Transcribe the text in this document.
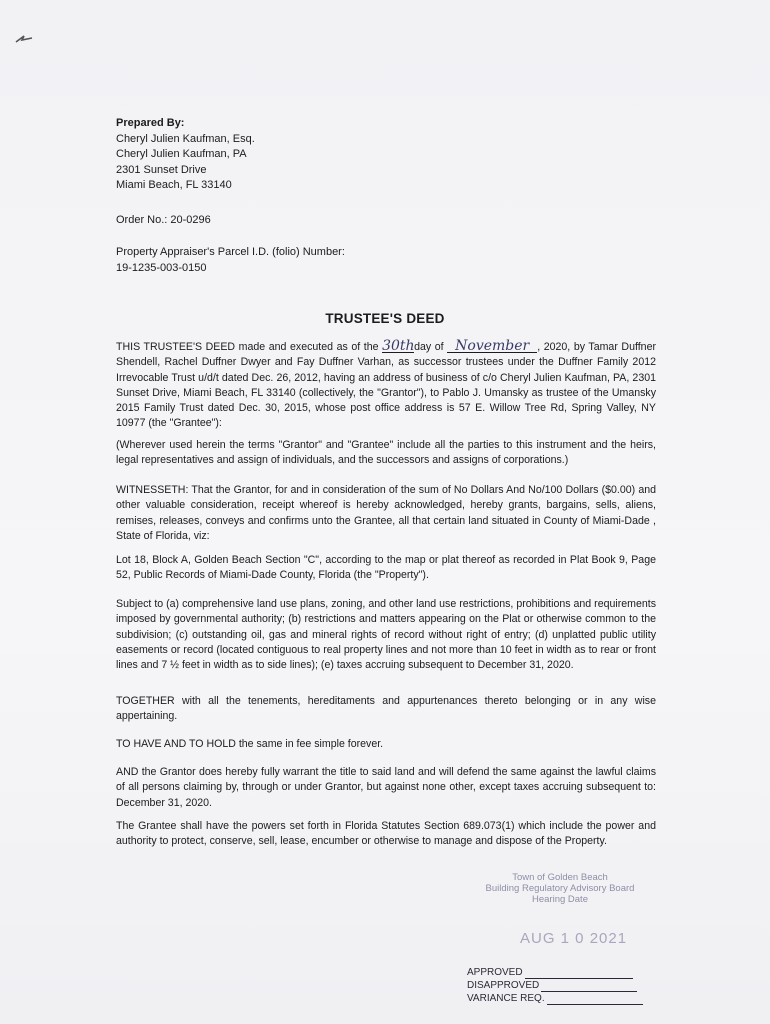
Prepared By:
Cheryl Julien Kaufman, Esq.
Cheryl Julien Kaufman, PA
2301 Sunset Drive
Miami Beach, FL 33140
Order No.: 20-0296
Property Appraiser's Parcel I.D. (folio) Number:
19-1235-003-0150
TRUSTEE'S DEED
THIS TRUSTEE'S DEED made and executed as of the 30thday of November , 2020, by Tamar Duffner Shendell, Rachel Duffner Dwyer and Fay Duffner Varhan, as successor trustees under the Duffner Family 2012 Irrevocable Trust u/d/t dated Dec. 26, 2012, having an address of business of c/o Cheryl Julien Kaufman, PA, 2301 Sunset Drive, Miami Beach, FL 33140 (collectively, the "Grantor"), to Pablo J. Umansky as trustee of the Umansky 2015 Family Trust dated Dec. 30, 2015, whose post office address is 57 E. Willow Tree Rd, Spring Valley, NY 10977 (the "Grantee"):
(Wherever used herein the terms "Grantor" and "Grantee" include all the parties to this instrument and the heirs, legal representatives and assign of individuals, and the successors and assigns of corporations.)
WITNESSETH: That the Grantor, for and in consideration of the sum of No Dollars And No/100 Dollars ($0.00) and other valuable consideration, receipt whereof is hereby acknowledged, hereby grants, bargains, sells, aliens, remises, releases, conveys and confirms unto the Grantee, all that certain land situated in County of Miami-Dade , State of Florida, viz:
Lot 18, Block A, Golden Beach Section "C", according to the map or plat thereof as recorded in Plat Book 9, Page 52, Public Records of Miami-Dade County, Florida (the "Property").
Subject to (a) comprehensive land use plans, zoning, and other land use restrictions, prohibitions and requirements imposed by governmental authority; (b) restrictions and matters appearing on the Plat or otherwise common to the subdivision; (c) outstanding oil, gas and mineral rights of record without right of entry; (d) unplatted public utility easements or record (located contiguous to real property lines and not more than 10 feet in width as to rear or front lines and 7 ½ feet in width as to side lines); (e) taxes accruing subsequent to December 31, 2020.
TOGETHER with all the tenements, hereditaments and appurtenances thereto belonging or in any wise appertaining.
TO HAVE AND TO HOLD the same in fee simple forever.
AND the Grantor does hereby fully warrant the title to said land and will defend the same against the lawful claims of all persons claiming by, through or under Grantor, but against none other, except taxes accruing subsequent to: December 31, 2020.
The Grantee shall have the powers set forth in Florida Statutes Section 689.073(1) which include the power and authority to protect, conserve, sell, lease, encumber or otherwise to manage and dispose of the Property.
Town of Golden Beach
Building Regulatory Advisory Board
Hearing Date
AUG 1 0 2021
APPROVED
DISAPPROVED
VARIANCE REQ.
